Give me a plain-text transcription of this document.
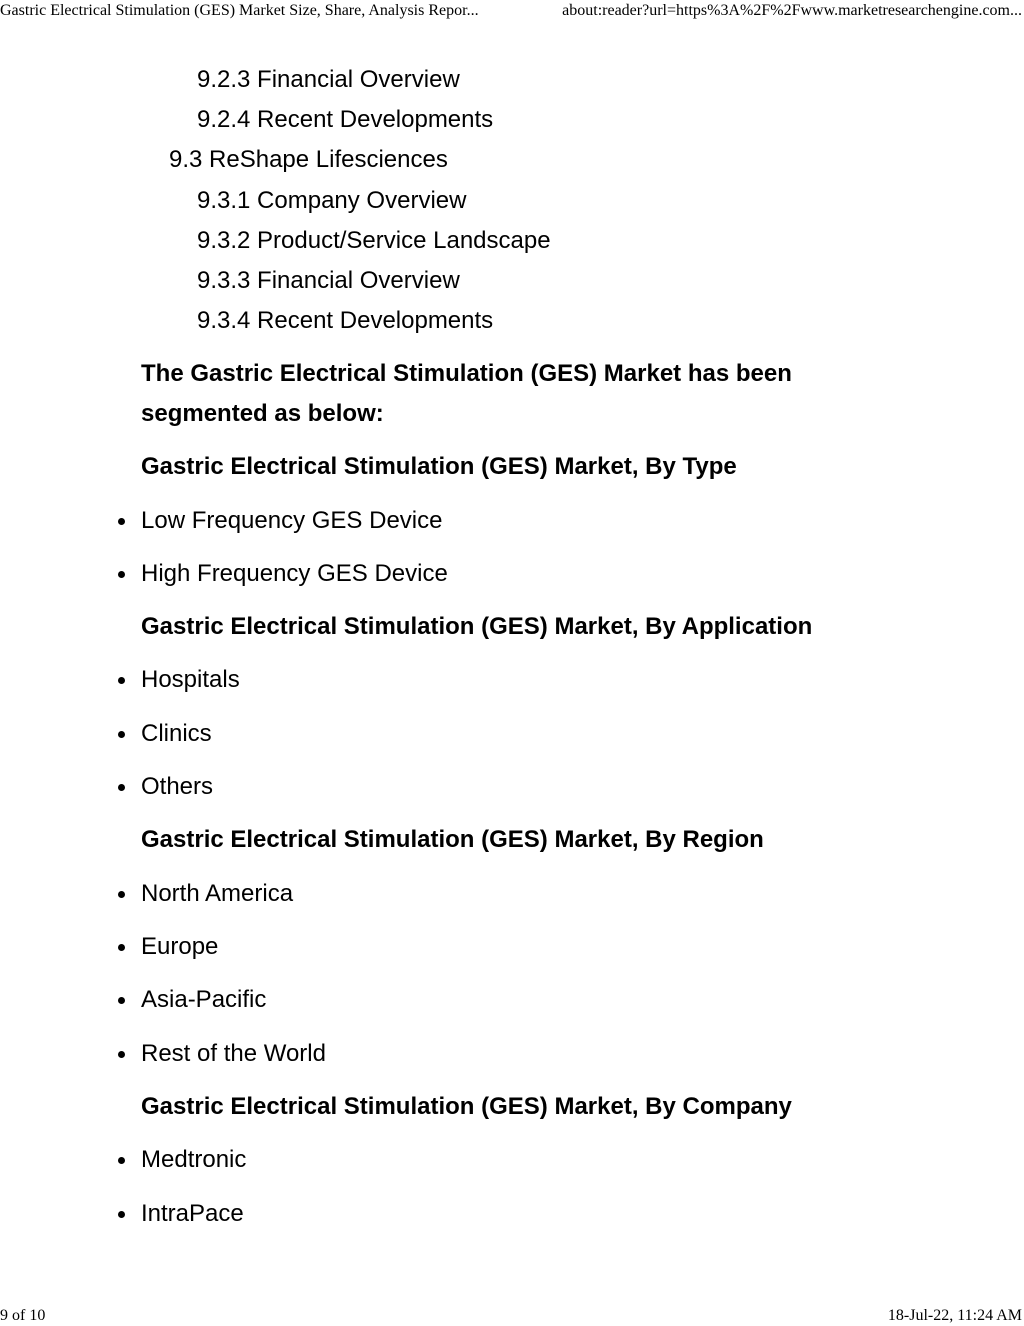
Gastric Electrical Stimulation (GES) Market Size, Share, Analysis Repor...	about:reader?url=https%3A%2F%2Fwww.marketresearchengine.com...
9.2.3 Financial Overview
9.2.4 Recent Developments
9.3 ReShape Lifesciences
9.3.1 Company Overview
9.3.2 Product/Service Landscape
9.3.3 Financial Overview
9.3.4 Recent Developments
The Gastric Electrical Stimulation (GES) Market has been segmented as below:
Gastric Electrical Stimulation (GES) Market, By Type
Low Frequency GES Device
High Frequency GES Device
Gastric Electrical Stimulation (GES) Market, By Application
Hospitals
Clinics
Others
Gastric Electrical Stimulation (GES) Market, By Region
North America
Europe
Asia-Pacific
Rest of the World
Gastric Electrical Stimulation (GES) Market, By Company
Medtronic
IntraPace
9 of 10	18-Jul-22, 11:24 AM
